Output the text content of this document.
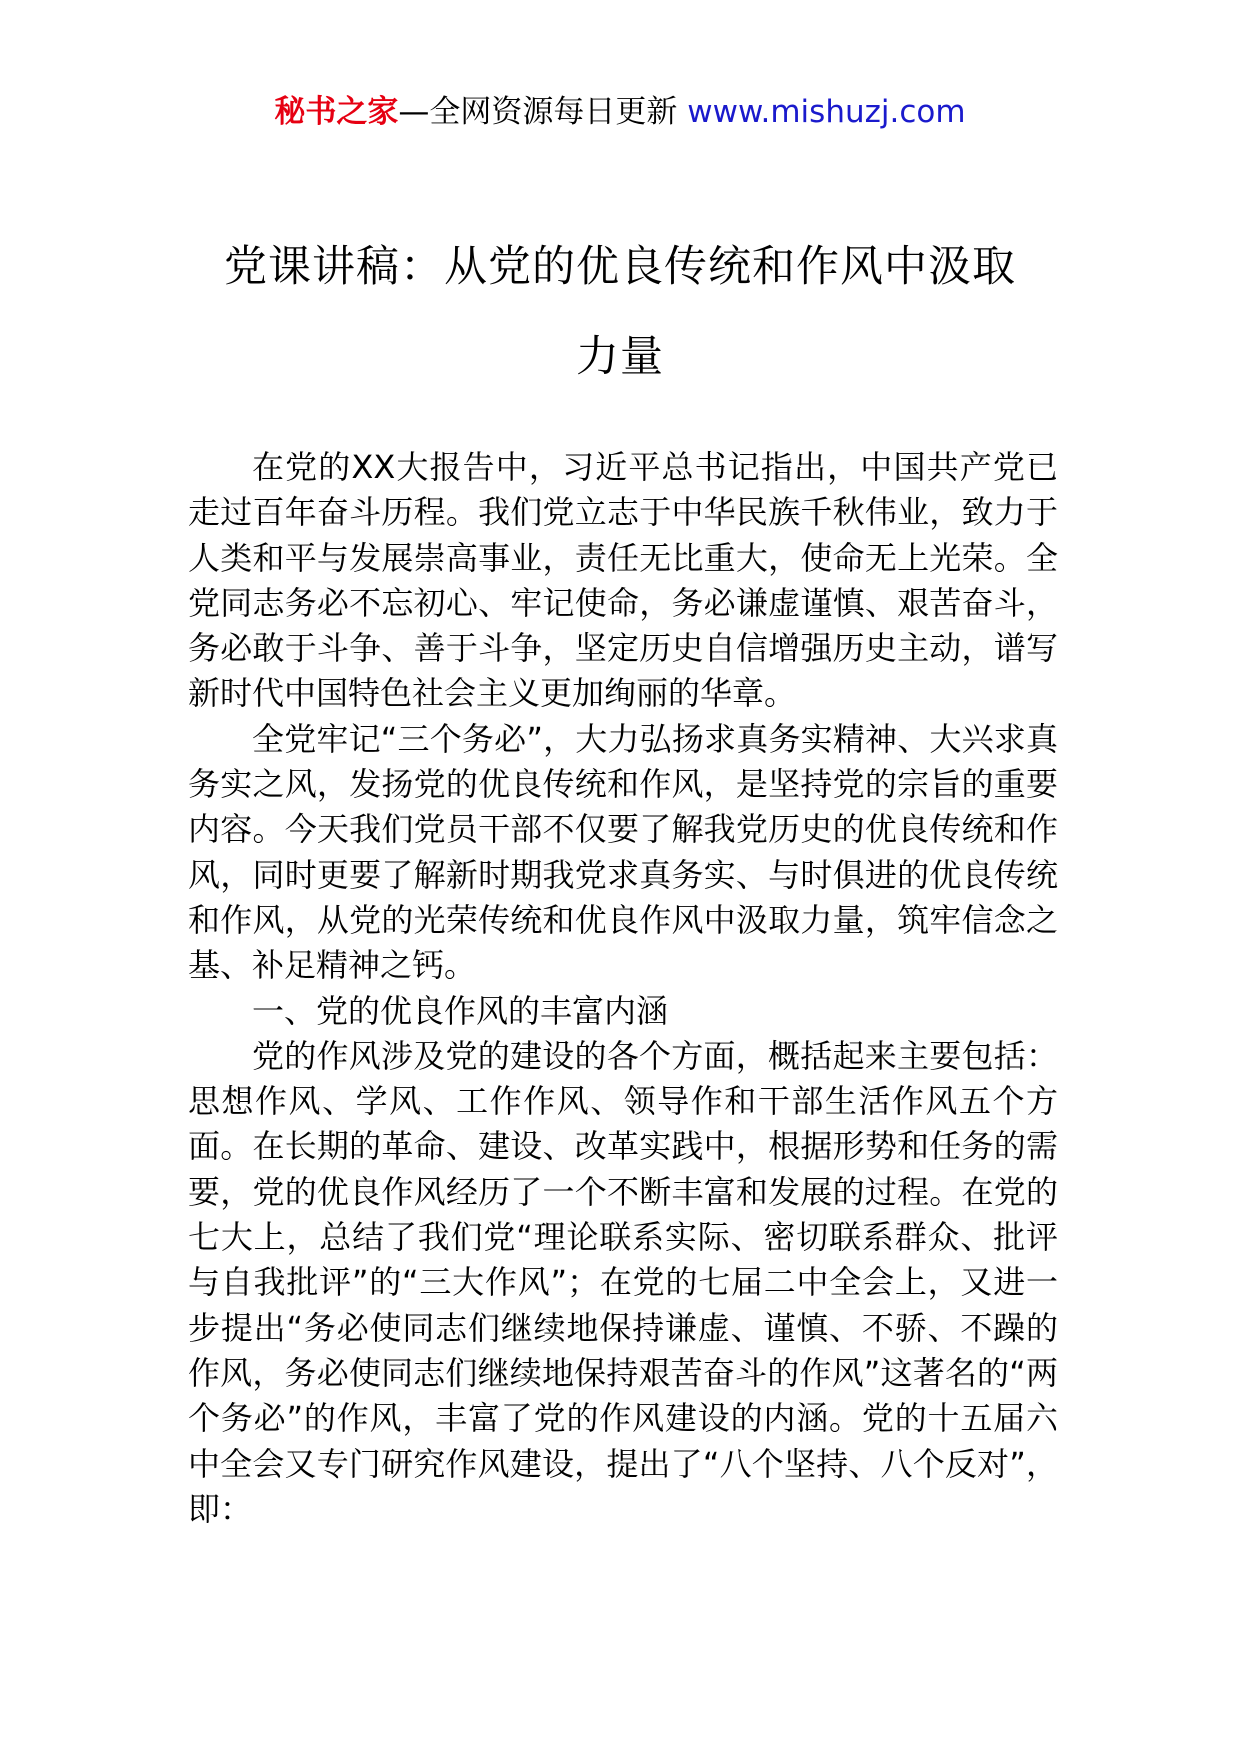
秘书之家—全网资源每日更新 www.mishuzj.com
党课讲稿：从党的优良传统和作风中汲取
力量

在党的XX大报告中，习近平总书记指出，中国共产党已走过百年奋斗历程。我们党立志于中华民族千秋伟业，致力于人类和平与发展崇高事业，责任无比重大，使命无上光荣。全党同志务必不忘初心、牢记使命，务必谦虚谨慎、艰苦奋斗，务必敢于斗争、善于斗争，坚定历史自信增强历史主动，谱写新时代中国特色社会主义更加绚丽的华章。

全党牢记“三个务必”，大力弘扬求真务实精神、大兴求真务实之风，发扬党的优良传统和作风，是坚持党的宗旨的重要内容。今天我们党员干部不仅要了解我党历史的优良传统和作风，同时更要了解新时期我党求真务实、与时俱进的优良传统和作风，从党的光荣传统和优良作风中汲取力量，筑牢信念之基、补足精神之钙。

一、党的优良作风的丰富内涵

党的作风涉及党的建设的各个方面，概括起来主要包括：思想作风、学风、工作作风、领导作和干部生活作风五个方面。在长期的革命、建设、改革实践中，根据形势和任务的需要，党的优良作风经历了一个不断丰富和发展的过程。在党的七大上，总结了我们党“理论联系实际、密切联系群众、批评与自我批评”的“三大作风”；在党的七届二中全会上，又进一步提出“务必使同志们继续地保持谦虚、谨慎、不骄、不躁的作风，务必使同志们继续地保持艰苦奋斗的作风”这著名的“两个务必”的作风，丰富了党的作风建设的内涵。党的十五届六中全会又专门研究作风建设，提出了“八个坚持、八个反对”，即：
